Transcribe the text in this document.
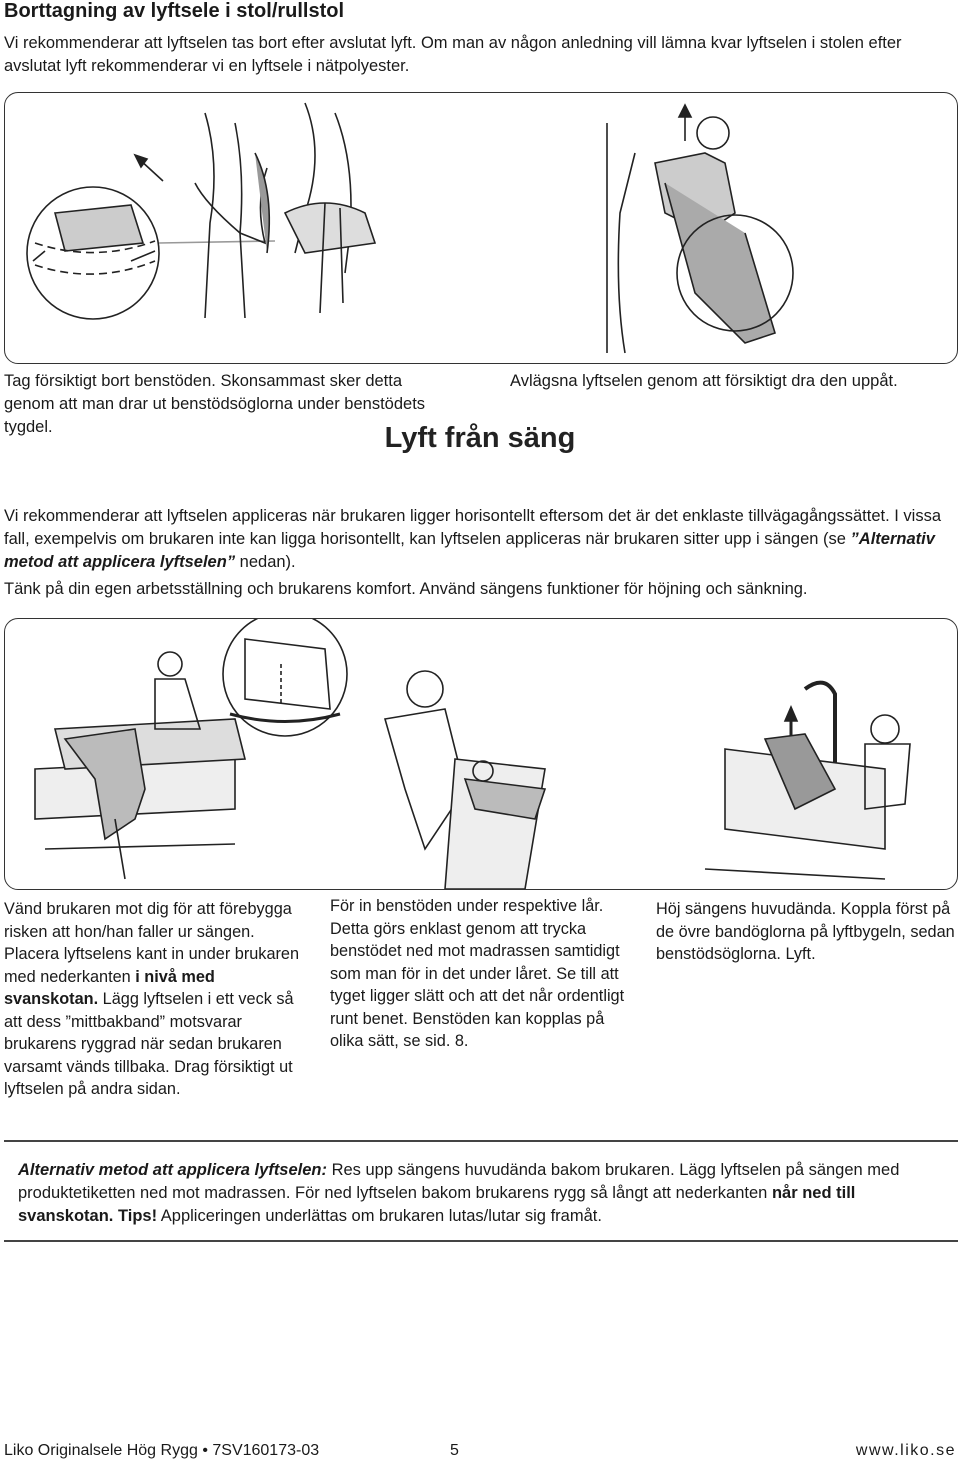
Borttagning av lyftsele i stol/rullstol
Vi rekommenderar att lyftselen tas bort efter avslutat lyft. Om man av någon anledning vill lämna kvar lyftselen i stolen efter avslutat lyft rekommenderar vi en lyftsele i nätpolyester.
Tag försiktigt bort benstöden. Skonsammast sker detta genom att man drar ut benstödsöglorna under benstödets tygdel.
Avlägsna lyftselen genom att försiktigt dra den uppåt.
Lyft från säng
Vi rekommenderar att lyftselen appliceras när brukaren ligger horisontellt eftersom det är det enklaste tillvägagångssättet. I vissa fall, exempelvis om brukaren inte kan ligga horisontellt, kan lyftselen appliceras när brukaren sitter upp i sängen (se ”Alternativ metod att applicera lyftselen” nedan).
Tänk på din egen arbetsställning och brukarens komfort. Använd sängens funktioner för höjning och sänkning.
Vänd brukaren mot dig för att förebygga risken att hon/han faller ur sängen. Placera lyftselens kant in under brukaren med nederkanten i nivå med svanskotan. Lägg lyftselen i ett veck så att dess ”mittbakband” motsvarar brukarens ryggrad när sedan brukaren varsamt vänds tillbaka. Drag försiktigt ut lyftselen på andra sidan.
För in benstöden under respektive lår. Detta görs enklast genom att trycka benstödet ned mot madrassen samtidigt som man för in det under låret. Se till att tyget ligger slätt och att det når ordentligt runt benet. Benstöden kan kopplas på olika sätt, se sid. 8.
Höj sängens huvudända. Koppla först på de övre bandöglorna på lyftbygeln, sedan benstödsöglorna. Lyft.
Alternativ metod att applicera lyftselen: Res upp sängens huvudända bakom brukaren. Lägg lyftselen på sängen med produktetiketten ned mot madrassen. För ned lyftselen bakom brukarens rygg så långt att nederkanten når ned till svanskotan. Tips! Appliceringen underlättas om brukaren lutas/lutar sig framåt.
Liko Originalsele Hög Rygg • 7SV160173-03	5	www.liko.se
